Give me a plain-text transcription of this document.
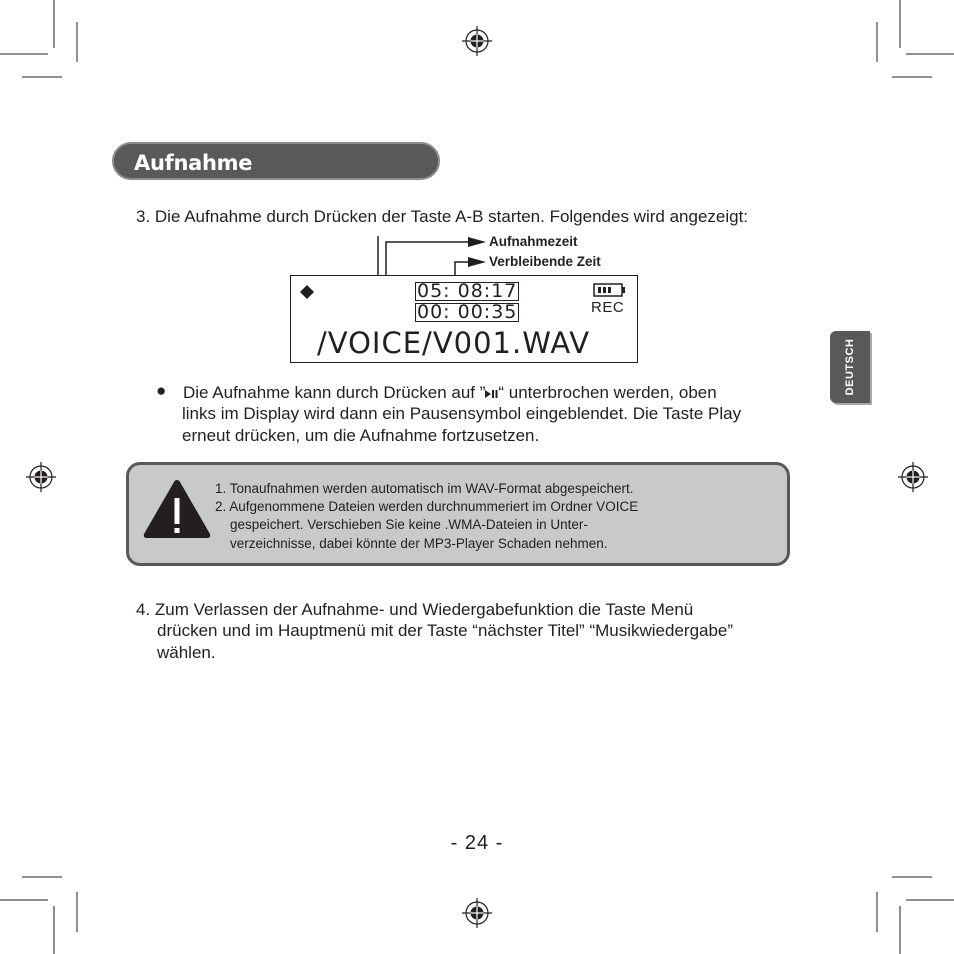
Aufnahme
DEUTSCH
3. Die Aufnahme durch Drücken der Taste A-B starten. Folgendes wird angezeigt:
Aufnahmezeit
Verbleibende Zeit
05: 08:17
00: 00:35	REC
/VOICE/V001.WAV
● Die Aufnahme kann durch Drücken auf ” “ unterbrochen werden, oben
links im Display wird dann ein Pausensymbol eingeblendet. Die Taste Play
erneut drücken, um die Aufnahme fortzusetzen.
1. Tonaufnahmen werden automatisch im WAV-Format abgespeichert.
2. Aufgenommene Dateien werden durchnummeriert im Ordner VOICE
gespeichert. Verschieben Sie keine .WMA-Dateien in Unter-
verzeichnisse, dabei könnte der MP3-Player Schaden nehmen.
4. Zum Verlassen der Aufnahme- und Wiedergabefunktion die Taste Menü
drücken und im Hauptmenü mit der Taste “nächster Titel” “Musikwiedergabe”
wählen.
- 24 -
